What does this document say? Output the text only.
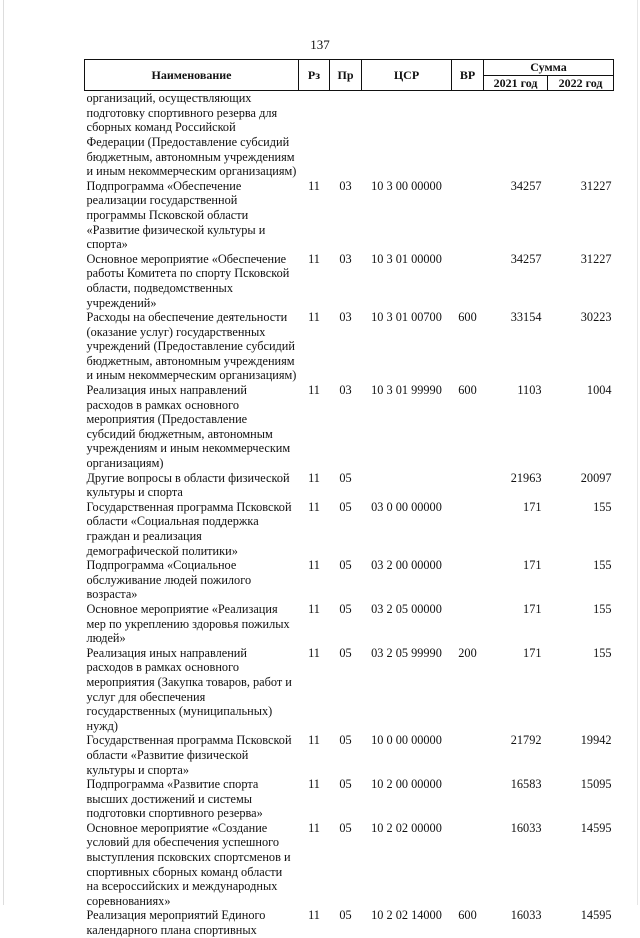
137
Наименование	Рз	Пр	ЦСР	ВР	Сумма	
					2021 год	2022 год
организаций, осуществляющих подготовку спортивного резерва для сборных команд Российской Федерации (Предоставление субсидий бюджетным, автономным учреждениям и иным некоммерческим организациям)						
Подпрограмма «Обеспечение реализации государственной программы Псковской области «Развитие физической культуры и спорта»	11	03	10 3 00 00000		34257	31227
Основное мероприятие «Обеспечение работы Комитета по спорту Псковской области, подведомственных учреждений»	11	03	10 3 01 00000		34257	31227
Расходы на обеспечение деятельности (оказание услуг) государственных учреждений (Предоставление субсидий бюджетным, автономным учреждениям и иным некоммерческим организациям)	11	03	10 3 01 00700	600	33154	30223
Реализация иных направлений расходов в рамках основного мероприятия (Предоставление субсидий бюджетным, автономным учреждениям и иным некоммерческим организациям)	11	03	10 3 01 99990	600	1103	1004
Другие вопросы в области физической культуры и спорта	11	05			21963	20097
Государственная программа Псковской области «Социальная поддержка граждан и реализация демографической политики»	11	05	03 0 00 00000		171	155
Подпрограмма «Социальное обслуживание людей пожилого возраста»	11	05	03 2 00 00000		171	155
Основное мероприятие «Реализация мер по укреплению здоровья пожилых людей»	11	05	03 2 05 00000		171	155
Реализация иных направлений расходов в рамках основного мероприятия (Закупка товаров, работ и услуг для обеспечения государственных (муниципальных) нужд)	11	05	03 2 05 99990	200	171	155
Государственная программа Псковской области «Развитие физической культуры и спорта»	11	05	10 0 00 00000		21792	19942
Подпрограмма «Развитие спорта высших достижений и системы подготовки спортивного резерва»	11	05	10 2 00 00000		16583	15095
Основное мероприятие «Создание условий для обеспечения успешного выступления псковских спортсменов и спортивных сборных команд области на всероссийских и международных соревнованиях»	11	05	10 2 02 00000		16033	14595
Реализация мероприятий Единого календарного плана спортивных	11	05	10 2 02 14000	600	16033	14595
